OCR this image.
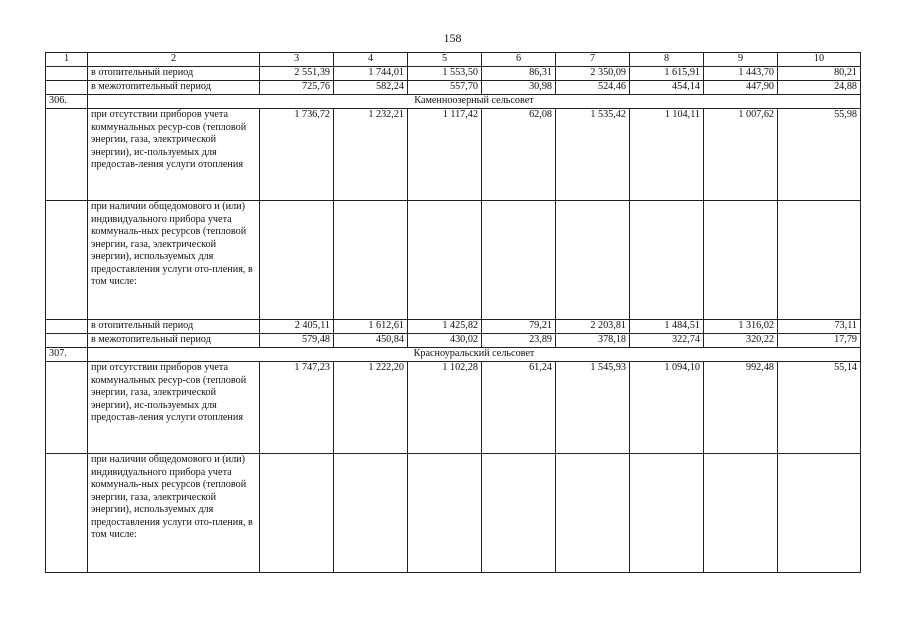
158
1	2	3	4	5	6	7	8	9	10
	в отопительный период	2 551,39	1 744,01	1 553,50	86,31	2 350,09	1 615,91	1 443,70	80,21
	в межотопительный период	725,76	582,24	557,70	30,98	524,46	454,14	447,90	24,88
306.	Каменноозерный сельсовет								
	при отсутствии приборов учета коммунальных ресур-сов (тепловой энергии, газа, электрической энергии), ис-пользуемых для предостав-ления услуги отопления	1 736,72	1 232,21	1 117,42	62,08	1 535,42	1 104,11	1 007,62	55,98
	при наличии общедомового и (или) индивидуального прибора учета коммуналь-ных ресурсов (тепловой энергии, газа, электрической энергии), используемых для предоставления услуги ото-пления, в том числе:								
	в отопительный период	2 405,11	1 612,61	1 425,82	79,21	2 203,81	1 484,51	1 316,02	73,11
	в межотопительный период	579,48	450,84	430,02	23,89	378,18	322,74	320,22	17,79
307.	Красноуральский сельсовет								
	при отсутствии приборов учета коммунальных ресур-сов (тепловой энергии, газа, электрической энергии), ис-пользуемых для предостав-ления услуги отопления	1 747,23	1 222,20	1 102,28	61,24	1 545,93	1 094,10	992,48	55,14
	при наличии общедомового и (или) индивидуального прибора учета коммуналь-ных ресурсов (тепловой энергии, газа, электрической энергии), используемых для предоставления услуги ото-пления, в том числе:								
